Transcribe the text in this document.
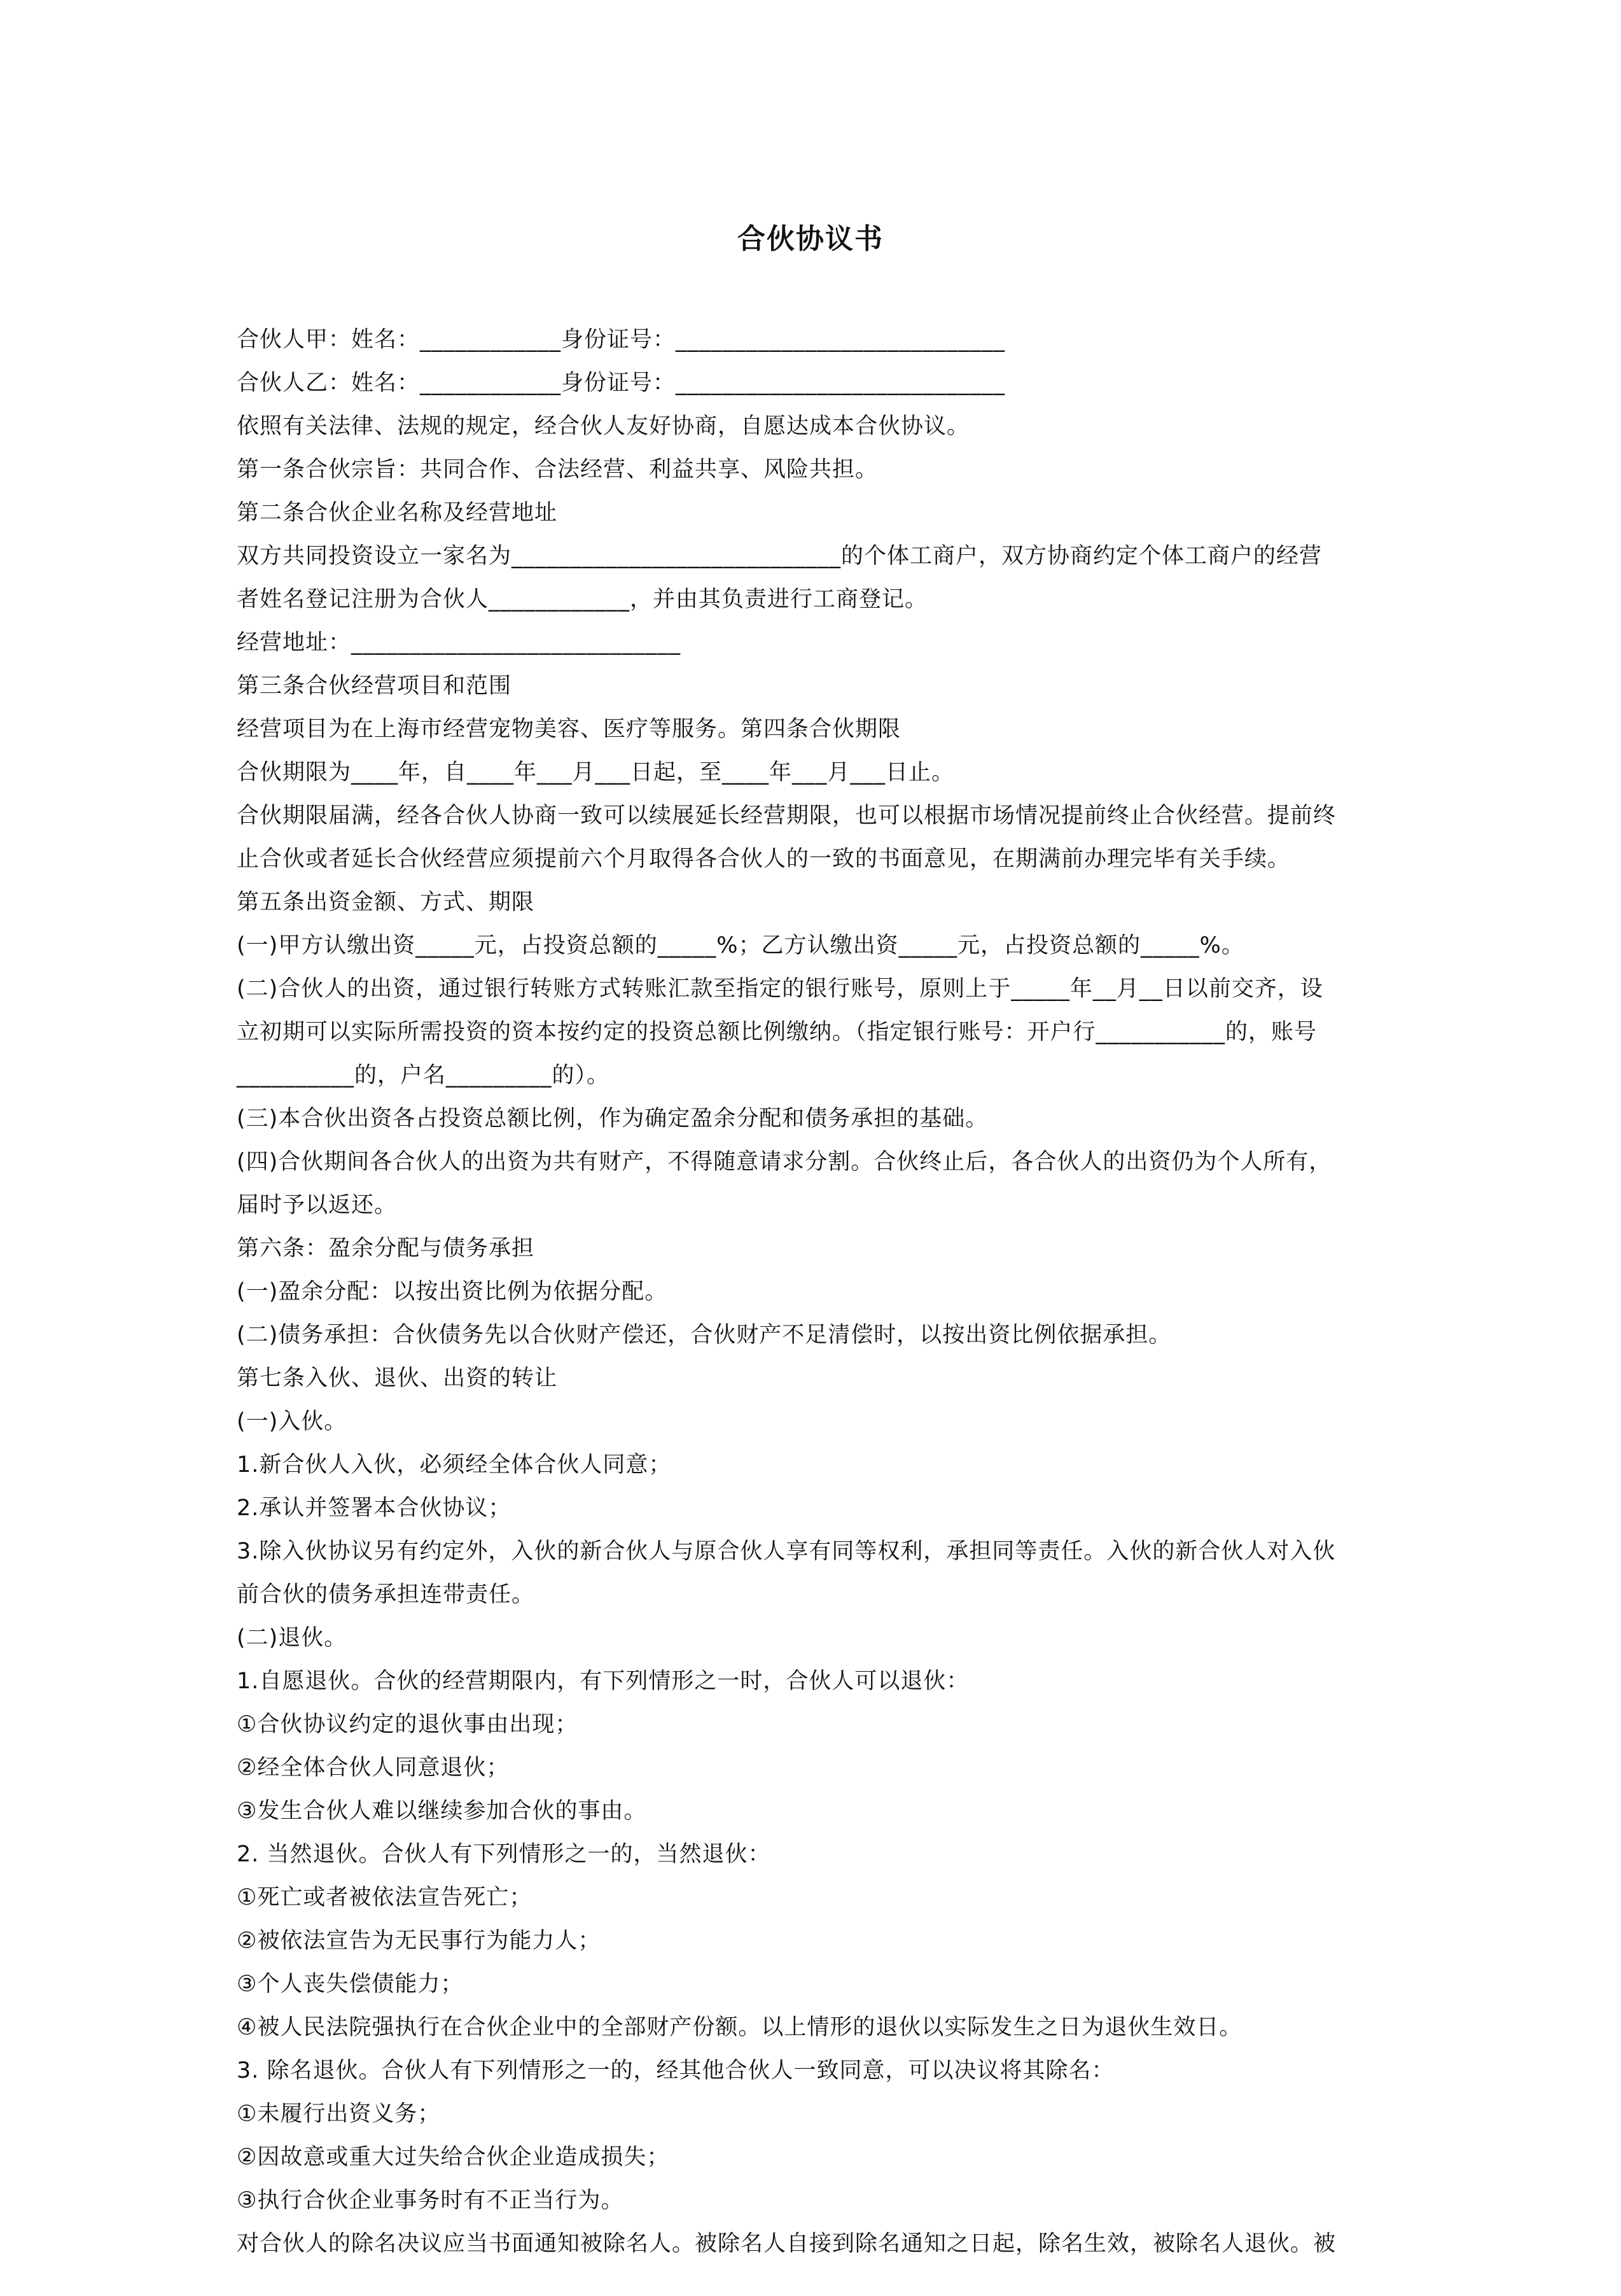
合伙协议书
合伙人甲：姓名：____________身份证号：____________________________
合伙人乙：姓名：____________身份证号：____________________________
依照有关法律、法规的规定，经合伙人友好协商，自愿达成本合伙协议。
第一条合伙宗旨：共同合作、合法经营、利益共享、风险共担。
第二条合伙企业名称及经营地址
双方共同投资设立一家名为____________________________的个体工商户，双方协商约定个体工商户的经营
者姓名登记注册为合伙人____________，并由其负责进行工商登记。
经营地址：____________________________
第三条合伙经营项目和范围
经营项目为在上海市经营宠物美容、医疗等服务。第四条合伙期限
合伙期限为____年，自____年___月___日起，至____年___月___日止。
合伙期限届满，经各合伙人协商一致可以续展延长经营期限，也可以根据市场情况提前终止合伙经营。提前终
止合伙或者延长合伙经营应须提前六个月取得各合伙人的一致的书面意见，在期满前办理完毕有关手续。
第五条出资金额、方式、期限
(一)甲方认缴出资_____元，占投资总额的_____%；乙方认缴出资_____元，占投资总额的_____%。
(二)合伙人的出资，通过银行转账方式转账汇款至指定的银行账号，原则上于_____年__月__日以前交齐，设
立初期可以实际所需投资的资本按约定的投资总额比例缴纳。（指定银行账号：开户行___________的，账号
__________的，户名_________的）。
(三)本合伙出资各占投资总额比例，作为确定盈余分配和债务承担的基础。
(四)合伙期间各合伙人的出资为共有财产，不得随意请求分割。合伙终止后，各合伙人的出资仍为个人所有，
届时予以返还。
第六条：盈余分配与债务承担
(一)盈余分配：以按出资比例为依据分配。
(二)债务承担：合伙债务先以合伙财产偿还，合伙财产不足清偿时，以按出资比例依据承担。
第七条入伙、退伙、出资的转让
(一)入伙。
1.新合伙人入伙，必须经全体合伙人同意；
2.承认并签署本合伙协议；
3.除入伙协议另有约定外，入伙的新合伙人与原合伙人享有同等权利，承担同等责任。入伙的新合伙人对入伙
前合伙的债务承担连带责任。
(二)退伙。
1.自愿退伙。合伙的经营期限内，有下列情形之一时，合伙人可以退伙：
①合伙协议约定的退伙事由出现；
②经全体合伙人同意退伙；
③发生合伙人难以继续参加合伙的事由。
2. 当然退伙。合伙人有下列情形之一的，当然退伙：
①死亡或者被依法宣告死亡；
②被依法宣告为无民事行为能力人；
③个人丧失偿债能力；
④被人民法院强执行在合伙企业中的全部财产份额。以上情形的退伙以实际发生之日为退伙生效日。
3. 除名退伙。合伙人有下列情形之一的，经其他合伙人一致同意，可以决议将其除名：
①未履行出资义务；
②因故意或重大过失给合伙企业造成损失；
③执行合伙企业事务时有不正当行为。
对合伙人的除名决议应当书面通知被除名人。被除名人自接到除名通知之日起，除名生效，被除名人退伙。被
